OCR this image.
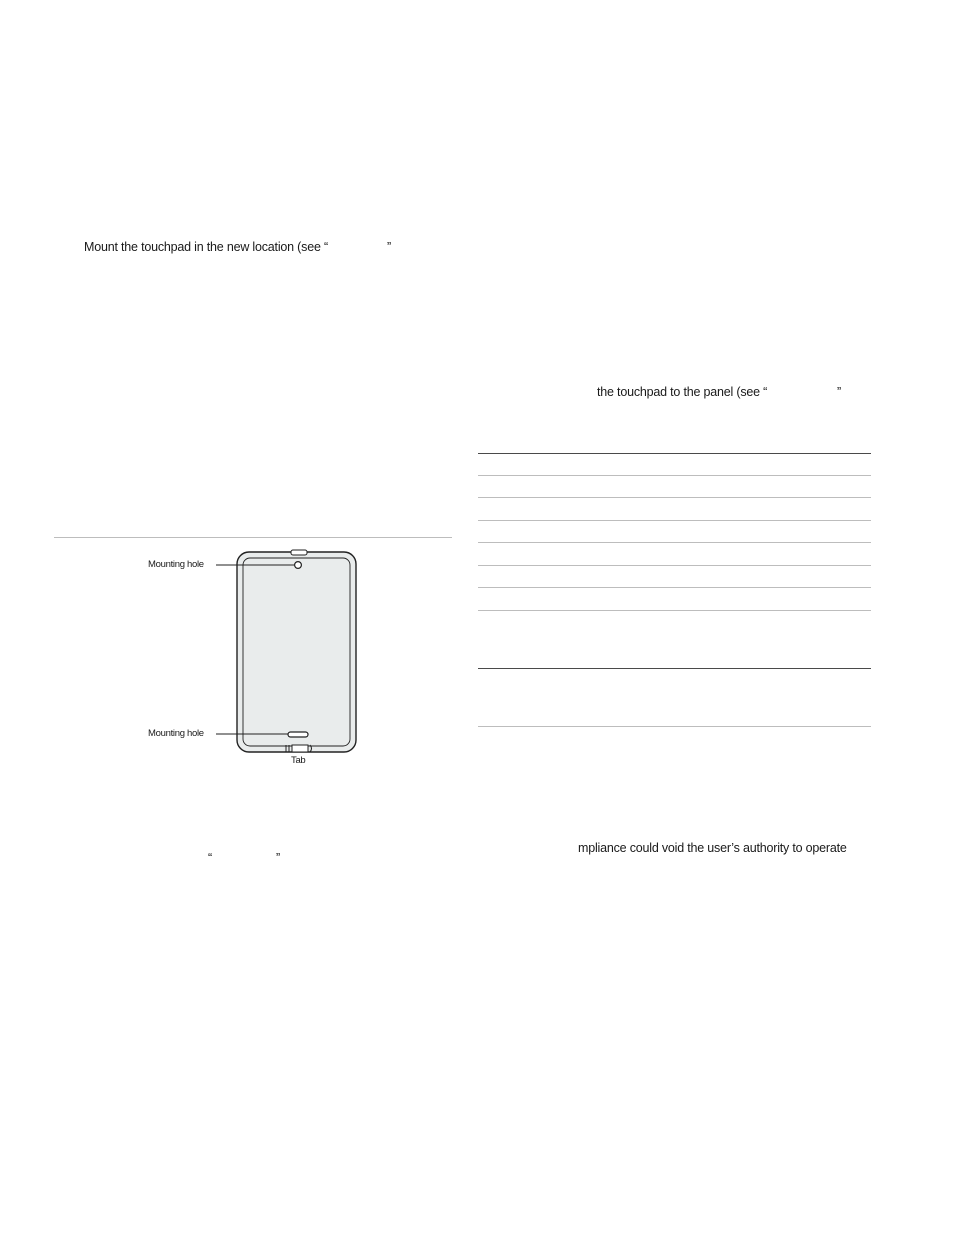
Mount the touchpad in the new location (see “	”
Mounting hole
Mounting hole
Tab
“	”
the touchpad to the panel (see “	”
mpliance could void the user’s authority to operate
